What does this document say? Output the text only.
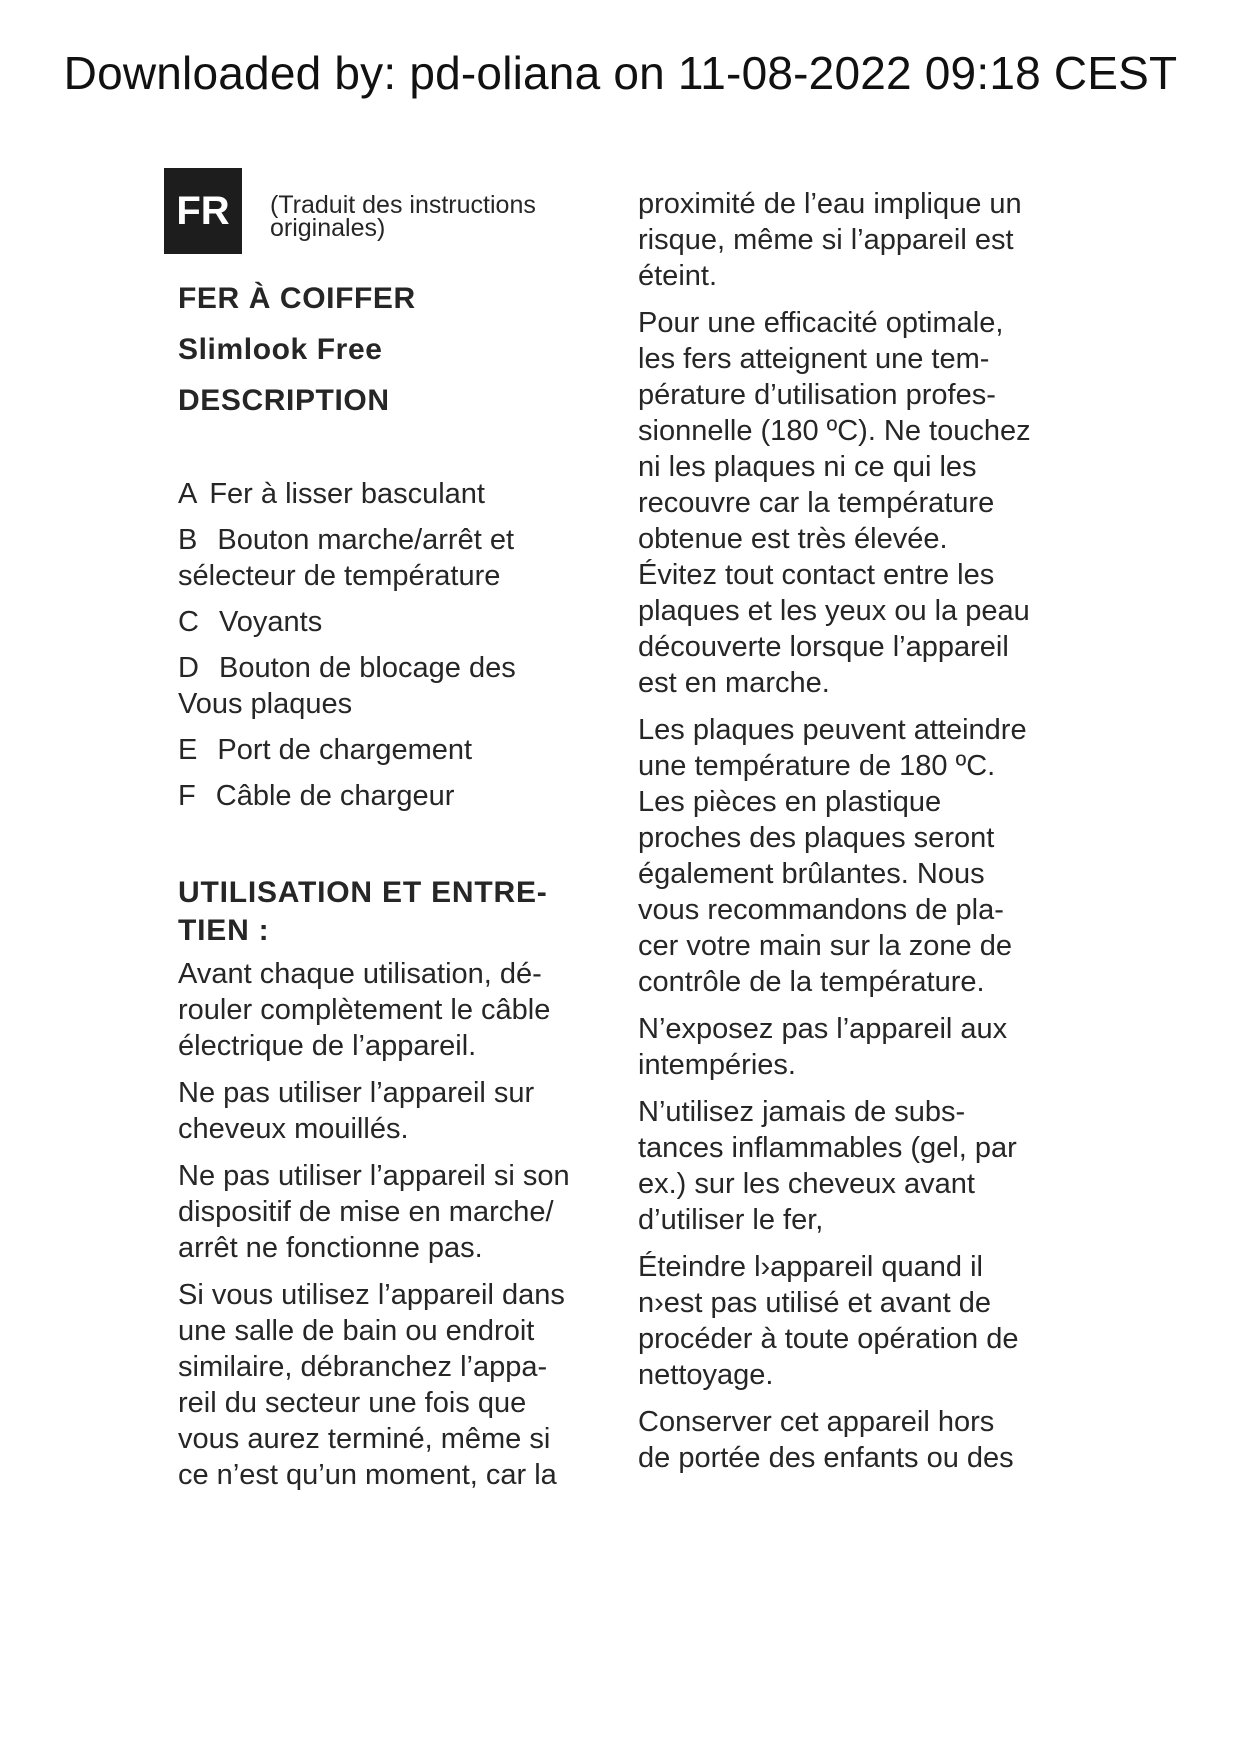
Downloaded by: pd-oliana on 11-08-2022 09:18 CEST
FR	(Traduit des instructions
originales)

FER À COIFFER

Slimlook Free

DESCRIPTION

A Fer à lisser basculant
B Bouton marche/arrêt et
sélecteur de température
C Voyants
D Bouton de blocage des
Vous plaques
E Port de chargement
F Câble de chargeur
UTILISATION ET ENTRE-
TIEN :
Avant chaque utilisation, dé-
rouler complètement le câble
électrique de l’appareil.
Ne pas utiliser l’appareil sur
cheveux mouillés.
Ne pas utiliser l’appareil si son
dispositif de mise en marche/
arrêt ne fonctionne pas.
Si vous utilisez l’appareil dans
une salle de bain ou endroit
similaire, débranchez l’appa-
reil du secteur une fois que
vous aurez terminé, même si
ce n’est qu’un moment, car la
proximité de l’eau implique un
risque, même si l’appareil est
éteint.
Pour une efficacité optimale,
les fers atteignent une tem-
pérature d’utilisation profes-
sionnelle (180 ºC). Ne touchez
ni les plaques ni ce qui les
recouvre car la température
obtenue est très élevée.
Évitez tout contact entre les
plaques et les yeux ou la peau
découverte lorsque l’appareil
est en marche.
Les plaques peuvent atteindre
une température de 180 ºC.
Les pièces en plastique
proches des plaques seront
également brûlantes. Nous
vous recommandons de pla-
cer votre main sur la zone de
contrôle de la température.
N’exposez pas l’appareil aux
intempéries.
N’utilisez jamais de subs-
tances inflammables (gel, par
ex.) sur les cheveux avant
d’utiliser le fer,
Éteindre l›appareil quand il
n›est pas utilisé et avant de
procéder à toute opération de
nettoyage.
Conserver cet appareil hors
de portée des enfants ou des
